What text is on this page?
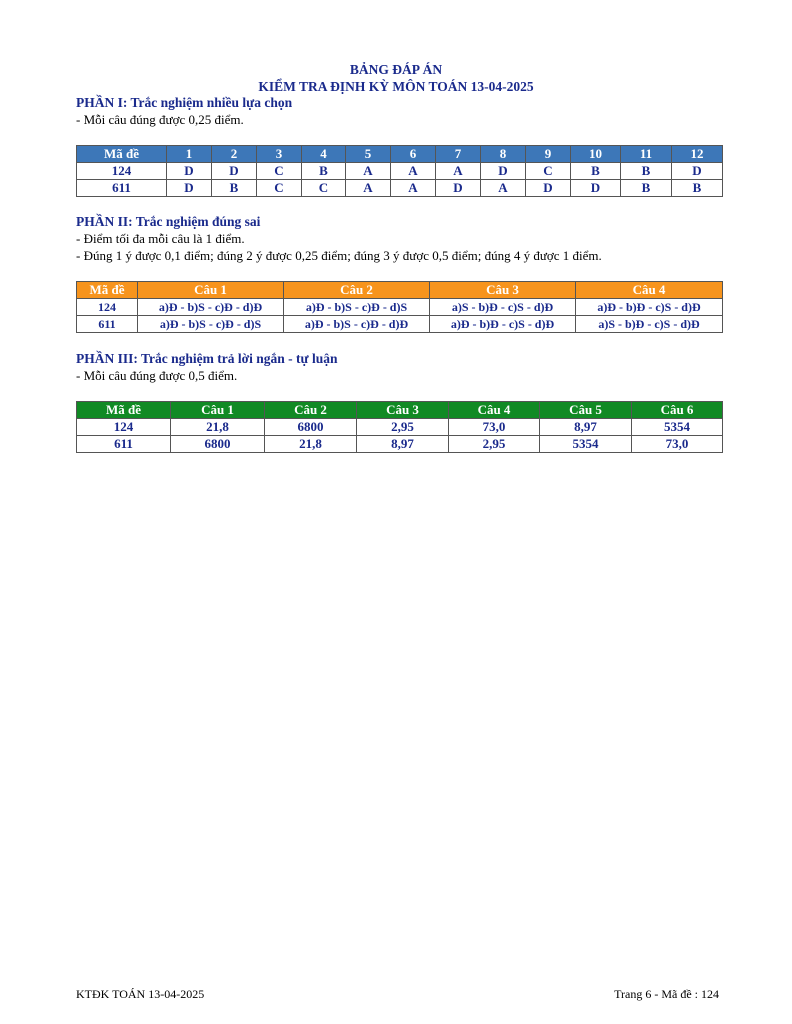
BẢNG ĐÁP ÁN
KIỂM TRA ĐỊNH KỲ MÔN TOÁN 13-04-2025
PHẦN I: Trắc nghiệm nhiều lựa chọn
- Mỗi câu đúng được 0,25 điểm.
Mã đề	1	2	3	4	5	6	7	8	9	10	11	12
124	D	D	C	B	A	A	A	D	C	B	B	D
611	D	B	C	C	A	A	D	A	D	D	B	B
PHẦN II: Trắc nghiệm đúng sai
- Điểm tối đa mỗi câu là 1 điểm.
- Đúng 1 ý được 0,1 điểm; đúng 2 ý được 0,25 điểm; đúng 3 ý được 0,5 điểm; đúng 4 ý được 1 điểm.
Mã đề	Câu 1	Câu 2	Câu 3	Câu 4
124	a)Đ - b)S - c)Đ - d)Đ	a)Đ - b)S - c)Đ - d)S	a)S - b)Đ - c)S - d)Đ	a)Đ - b)Đ - c)S - d)Đ
611	a)Đ - b)S - c)Đ - d)S	a)Đ - b)S - c)Đ - d)Đ	a)Đ - b)Đ - c)S - d)Đ	a)S - b)Đ - c)S - d)Đ
PHẦN III: Trắc nghiệm trả lời ngắn - tự luận
- Mỗi câu đúng được 0,5 điểm.
Mã đề	Câu 1	Câu 2	Câu 3	Câu 4	Câu 5	Câu 6
124	21,8	6800	2,95	73,0	8,97	5354
611	6800	21,8	8,97	2,95	5354	73,0
KTĐK TOÁN 13-04-2025	Trang 6 - Mã đề : 124
